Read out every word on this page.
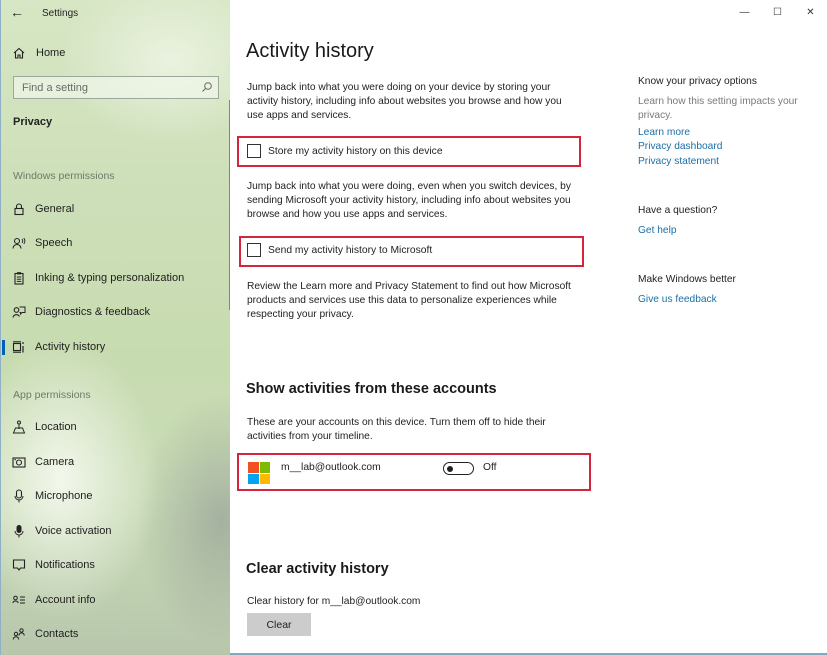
← Settings
Home
Find a setting
Privacy
Windows permissions
General
Speech
Inking & typing personalization
Diagnostics & feedback
Activity history
App permissions
Location
Camera
Microphone
Voice activation
Notifications
Account info
Contacts
—	☐	✕
Activity history

Jump back into what you were doing on your device by storing your activity history, including info about websites you browse and how you use apps and services.

Store my activity history on this device

Jump back into what you were doing, even when you switch devices, by sending Microsoft your activity history, including info about websites you browse and how you use apps and services.

Send my activity history to Microsoft

Review the Learn more and Privacy Statement to find out how Microsoft products and services use this data to personalize experiences while respecting your privacy.

Show activities from these accounts

These are your accounts on this device. Turn them off to hide their activities from your timeline.

m__lab@outlook.com	Off
Clear activity history

Clear history for m__lab@outlook.com

Clear
Know your privacy options
Learn how this setting impacts your privacy.
Learn more
Privacy dashboard
Privacy statement
Have a question?
Get help
Make Windows better
Give us feedback
